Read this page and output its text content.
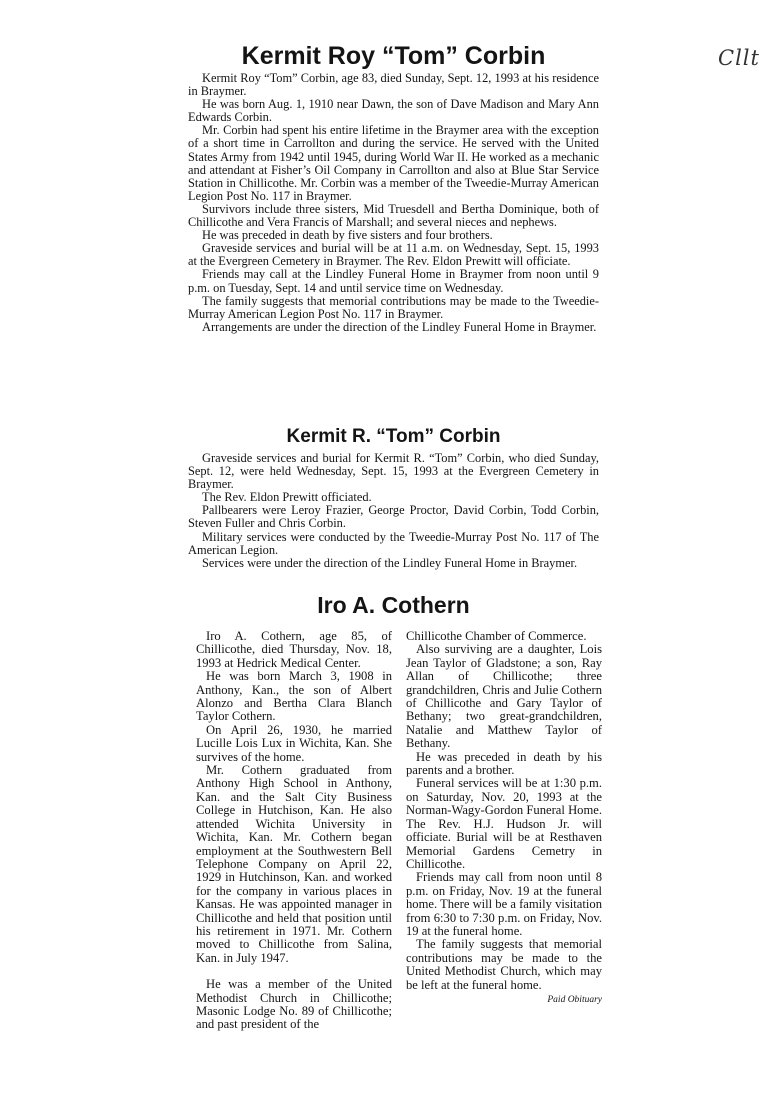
Cllt
Kermit Roy “Tom” Corbin

Kermit Roy “Tom” Corbin, age 83, died Sunday, Sept. 12, 1993 at his residence in Braymer.

He was born Aug. 1, 1910 near Dawn, the son of Dave Madison and Mary Ann Edwards Corbin.

Mr. Corbin had spent his entire lifetime in the Braymer area with the exception of a short time in Carrollton and during the service. He served with the United States Army from 1942 until 1945, during World War II. He worked as a mechanic and attendant at Fisher’s Oil Company in Carrollton and also at Blue Star Service Station in Chillicothe. Mr. Corbin was a member of the Tweedie-Murray American Legion Post No. 117 in Braymer.

Survivors include three sisters, Mid Truesdell and Bertha Dominique, both of Chillicothe and Vera Francis of Marshall; and several nieces and nephews.

He was preceded in death by five sisters and four brothers.

Graveside services and burial will be at 11 a.m. on Wednesday, Sept. 15, 1993 at the Evergreen Cemetery in Braymer. The Rev. Eldon Prewitt will officiate.

Friends may call at the Lindley Funeral Home in Braymer from noon until 9 p.m. on Tuesday, Sept. 14 and until service time on Wednesday.

The family suggests that memorial contributions may be made to the Tweedie-Murray American Legion Post No. 117 in Braymer.

Arrangements are under the direction of the Lindley Funeral Home in Braymer.

Kermit R. “Tom” Corbin

Graveside services and burial for Kermit R. “Tom” Corbin, who died Sunday, Sept. 12, were held Wednesday, Sept. 15, 1993 at the Evergreen Cemetery in Braymer.

The Rev. Eldon Prewitt officiated.

Pallbearers were Leroy Frazier, George Proctor, David Corbin, Todd Corbin, Steven Fuller and Chris Corbin.

Military services were conducted by the Tweedie-Murray Post No. 117 of The American Legion.

Services were under the direction of the Lindley Funeral Home in Braymer.

Iro A. Cothern

Iro A. Cothern, age 85, of Chillicothe, died Thursday, Nov. 18, 1993 at Hedrick Medical Center.

He was born March 3, 1908 in Anthony, Kan., the son of Albert Alonzo and Bertha Clara Blanch Taylor Cothern.

On April 26, 1930, he married Lucille Lois Lux in Wichita, Kan. She survives of the home.

Mr. Cothern graduated from Anthony High School in Anthony, Kan. and the Salt City Business College in Hutchison, Kan. He also attended Wichita University in Wichita, Kan. Mr. Cothern began employment at the Southwestern Bell Telephone Company on April 22, 1929 in Hutchinson, Kan. and worked for the company in various places in Kansas. He was appointed manager in Chillicothe and held that position until his retirement in 1971. Mr. Cothern moved to Chillicothe from Salina, Kan. in July 1947.

He was a member of the United Methodist Church in Chillicothe; Masonic Lodge No. 89 of Chillicothe; and past president of the

Chillicothe Chamber of Commerce.

Also surviving are a daughter, Lois Jean Taylor of Gladstone; a son, Ray Allan of Chillicothe; three grandchildren, Chris and Julie Cothern of Chillicothe and Gary Taylor of Bethany; two great-grandchildren, Natalie and Matthew Taylor of Bethany.

He was preceded in death by his parents and a brother.

Funeral services will be at 1:30 p.m. on Saturday, Nov. 20, 1993 at the Norman-Wagy-Gordon Funeral Home. The Rev. H.J. Hudson Jr. will officiate. Burial will be at Resthaven Memorial Gardens Cemetry in Chillicothe.

Friends may call from noon until 8 p.m. on Friday, Nov. 19 at the funeral home. There will be a family visitation from 6:30 to 7:30 p.m. on Friday, Nov. 19 at the funeral home.

The family suggests that memorial contributions may be made to the United Methodist Church, which may be left at the funeral home.

Paid Obituary
